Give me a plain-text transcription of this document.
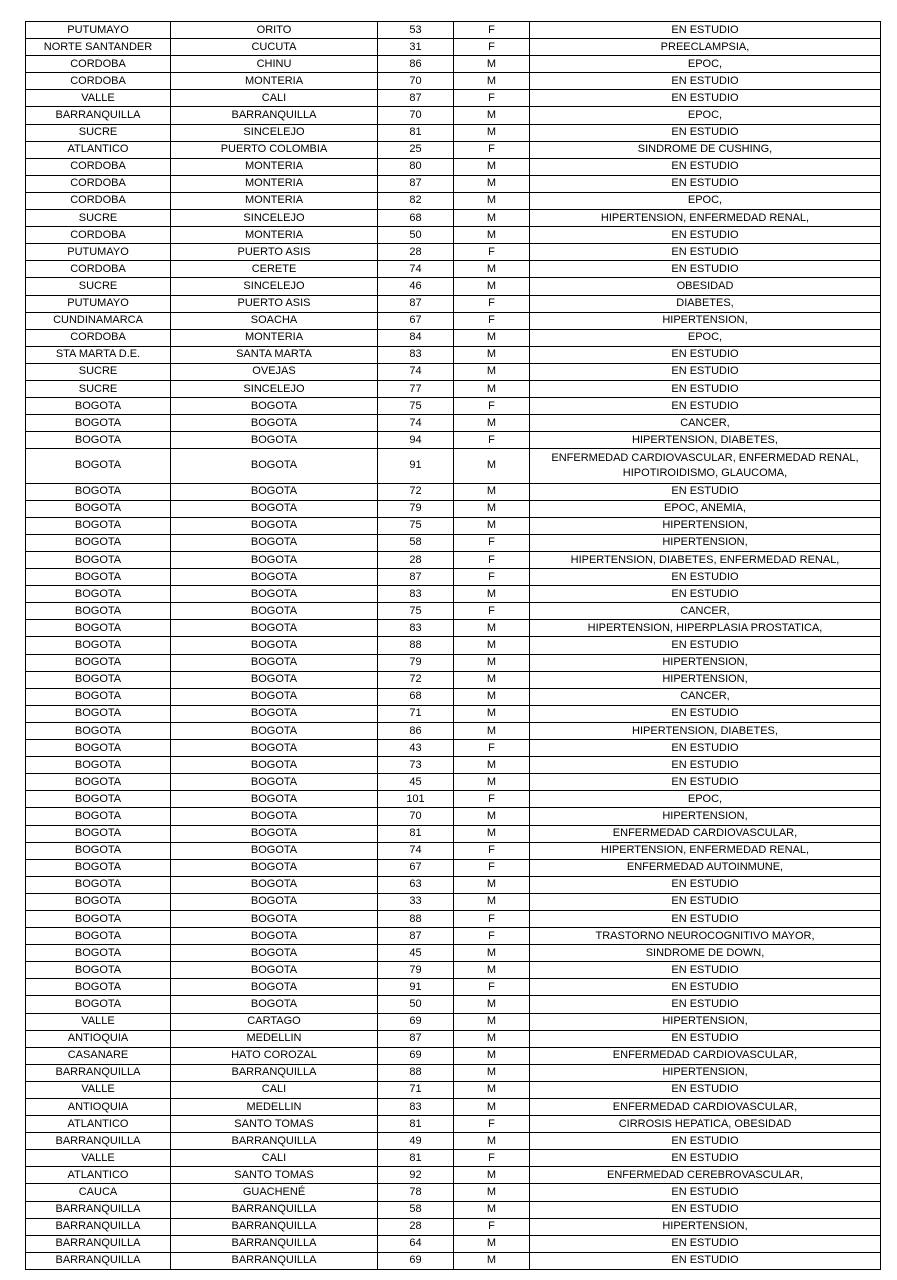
PUTUMAYO	ORITO	53	F	EN ESTUDIO
NORTE SANTANDER	CUCUTA	31	F	PREECLAMPSIA,
CORDOBA	CHINU	86	M	EPOC,
CORDOBA	MONTERIA	70	M	EN ESTUDIO
VALLE	CALI	87	F	EN ESTUDIO
BARRANQUILLA	BARRANQUILLA	70	M	EPOC,
SUCRE	SINCELEJO	81	M	EN ESTUDIO
ATLANTICO	PUERTO COLOMBIA	25	F	SINDROME DE CUSHING,
CORDOBA	MONTERIA	80	M	EN ESTUDIO
CORDOBA	MONTERIA	87	M	EN ESTUDIO
CORDOBA	MONTERIA	82	M	EPOC,
SUCRE	SINCELEJO	68	M	HIPERTENSION, ENFERMEDAD RENAL,
CORDOBA	MONTERIA	50	M	EN ESTUDIO
PUTUMAYO	PUERTO ASIS	28	F	EN ESTUDIO
CORDOBA	CERETE	74	M	EN ESTUDIO
SUCRE	SINCELEJO	46	M	OBESIDAD
PUTUMAYO	PUERTO ASIS	87	F	DIABETES,
CUNDINAMARCA	SOACHA	67	F	HIPERTENSION,
CORDOBA	MONTERIA	84	M	EPOC,
STA MARTA D.E.	SANTA MARTA	83	M	EN ESTUDIO
SUCRE	OVEJAS	74	M	EN ESTUDIO
SUCRE	SINCELEJO	77	M	EN ESTUDIO
BOGOTA	BOGOTA	75	F	EN ESTUDIO
BOGOTA	BOGOTA	74	M	CANCER,
BOGOTA	BOGOTA	94	F	HIPERTENSION, DIABETES,
BOGOTA	BOGOTA	91	M	ENFERMEDAD CARDIOVASCULAR, ENFERMEDAD RENAL, HIPOTIROIDISMO, GLAUCOMA,
BOGOTA	BOGOTA	72	M	EN ESTUDIO
BOGOTA	BOGOTA	79	M	EPOC, ANEMIA,
BOGOTA	BOGOTA	75	M	HIPERTENSION,
BOGOTA	BOGOTA	58	F	HIPERTENSION,
BOGOTA	BOGOTA	28	F	HIPERTENSION, DIABETES, ENFERMEDAD RENAL,
BOGOTA	BOGOTA	87	F	EN ESTUDIO
BOGOTA	BOGOTA	83	M	EN ESTUDIO
BOGOTA	BOGOTA	75	F	CANCER,
BOGOTA	BOGOTA	83	M	HIPERTENSION, HIPERPLASIA PROSTATICA,
BOGOTA	BOGOTA	88	M	EN ESTUDIO
BOGOTA	BOGOTA	79	M	HIPERTENSION,
BOGOTA	BOGOTA	72	M	HIPERTENSION,
BOGOTA	BOGOTA	68	M	CANCER,
BOGOTA	BOGOTA	71	M	EN ESTUDIO
BOGOTA	BOGOTA	86	M	HIPERTENSION, DIABETES,
BOGOTA	BOGOTA	43	F	EN ESTUDIO
BOGOTA	BOGOTA	73	M	EN ESTUDIO
BOGOTA	BOGOTA	45	M	EN ESTUDIO
BOGOTA	BOGOTA	101	F	EPOC,
BOGOTA	BOGOTA	70	M	HIPERTENSION,
BOGOTA	BOGOTA	81	M	ENFERMEDAD CARDIOVASCULAR,
BOGOTA	BOGOTA	74	F	HIPERTENSION, ENFERMEDAD RENAL,
BOGOTA	BOGOTA	67	F	ENFERMEDAD AUTOINMUNE,
BOGOTA	BOGOTA	63	M	EN ESTUDIO
BOGOTA	BOGOTA	33	M	EN ESTUDIO
BOGOTA	BOGOTA	88	F	EN ESTUDIO
BOGOTA	BOGOTA	87	F	TRASTORNO NEUROCOGNITIVO MAYOR,
BOGOTA	BOGOTA	45	M	SINDROME DE DOWN,
BOGOTA	BOGOTA	79	M	EN ESTUDIO
BOGOTA	BOGOTA	91	F	EN ESTUDIO
BOGOTA	BOGOTA	50	M	EN ESTUDIO
VALLE	CARTAGO	69	M	HIPERTENSION,
ANTIOQUIA	MEDELLIN	87	M	EN ESTUDIO
CASANARE	HATO COROZAL	69	M	ENFERMEDAD CARDIOVASCULAR,
BARRANQUILLA	BARRANQUILLA	88	M	HIPERTENSION,
VALLE	CALI	71	M	EN ESTUDIO
ANTIOQUIA	MEDELLIN	83	M	ENFERMEDAD CARDIOVASCULAR,
ATLANTICO	SANTO TOMAS	81	F	CIRROSIS HEPATICA, OBESIDAD
BARRANQUILLA	BARRANQUILLA	49	M	EN ESTUDIO
VALLE	CALI	81	F	EN ESTUDIO
ATLANTICO	SANTO TOMAS	92	M	ENFERMEDAD CEREBROVASCULAR,
CAUCA	GUACHENÉ	78	M	EN ESTUDIO
BARRANQUILLA	BARRANQUILLA	58	M	EN ESTUDIO
BARRANQUILLA	BARRANQUILLA	28	F	HIPERTENSION,
BARRANQUILLA	BARRANQUILLA	64	M	EN ESTUDIO
BARRANQUILLA	BARRANQUILLA	69	M	EN ESTUDIO
